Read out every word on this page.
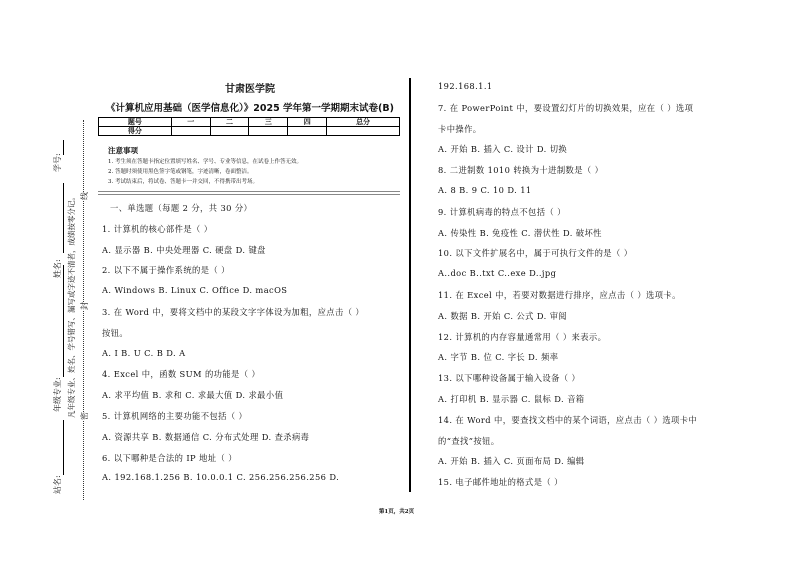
甘肃医学院
《计算机应用基础（医学信息化）》2025 学年第一学期期末试卷(B)
题号	一	二	三	四	总分
得分					
注意事项
1. 考生须在答题卡指定位置填写姓名、学号、专业等信息，在试卷上作答无效。
2. 答题时须使用黑色签字笔或钢笔，字迹清晰，卷面整洁。
3. 考试结束后，将试卷、答题卡一并交回，不得携带出考场。
一、单选题（每题 2 分，共 30 分）
1. 计算机的核心部件是（ ）
A. 显示器 B. 中央处理器 C. 硬盘 D. 键盘
2. 以下不属于操作系统的是（ ）
A. Windows B. Linux C. Office D. macOS
3. 在 Word 中，要将文档中的某段文字字体设为加粗，应点击（ ）
按钮。
A. I B. U C. B D. A
4. Excel 中，函数 SUM 的功能是（ ）
A. 求平均值 B. 求和 C. 求最大值 D. 求最小值
5. 计算机网络的主要功能不包括（ ）
A. 资源共享 B. 数据通信 C. 分布式处理 D. 查杀病毒
6. 以下哪种是合法的 IP 地址（ ）
A. 192.168.1.256 B. 10.0.0.1 C. 256.256.256.256 D.
192.168.1.1
7. 在 PowerPoint 中，要设置幻灯片的切换效果，应在（ ）选项
卡中操作。
A. 开始 B. 插入 C. 设计 D. 切换
8. 二进制数 1010 转换为十进制数是（ ）
A. 8 B. 9 C. 10 D. 11
9. 计算机病毒的特点不包括（ ）
A. 传染性 B. 免疫性 C. 潜伏性 D. 破坏性
10. 以下文件扩展名中，属于可执行文件的是（ ）
A..doc B..txt C..exe D..jpg
11. 在 Excel 中，若要对数据进行排序，应点击（ ）选项卡。
A. 数据 B. 开始 C. 公式 D. 审阅
12. 计算机的内存容量通常用（ ）来表示。
A. 字节 B. 位 C. 字长 D. 频率
13. 以下哪种设备属于输入设备（ ）
A. 打印机 B. 显示器 C. 鼠标 D. 音箱
14. 在 Word 中，要查找文档中的某个词语，应点击（ ）选项卡中
的“查找”按钮。
A. 开始 B. 插入 C. 页面布局 D. 编辑
15. 电子邮件地址的格式是（ ）
学号:
姓名:
年级专业:
站名:
凡年级专业、姓名、学号错写、漏写或字迹不清者，成绩按零分记。 密
封
线
第1页，共2页
